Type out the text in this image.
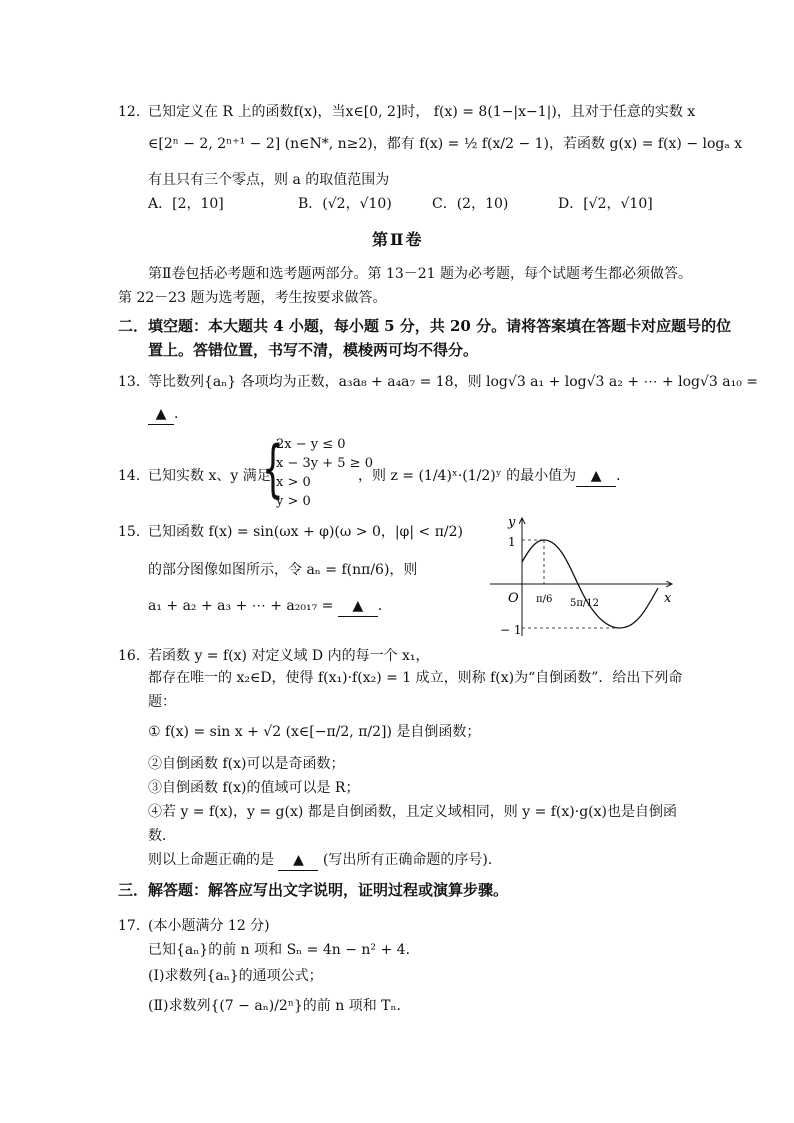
12. 已知定义在 R 上的函数f(x)，当x∈[0, 2]时， f(x) = 8(1−|x−1|)，且对于任意的实数 x
∈[2ⁿ − 2, 2ⁿ⁺¹ − 2] (n∈N*, n≥2)，都有 f(x) = ½ f(x/2 − 1)，若函数 g(x) = f(x) − logₐ x
有且只有三个零点，则 a 的取值范围为
A．[2，10]	B．(√2，√10)	C．(2，10)	D．[√2，√10]
第Ⅱ卷
第Ⅱ卷包括必考题和选考题两部分。第 13－21 题为必考题，每个试题考生都必须做答。
第 22－23 题为选考题，考生按要求做答。
二． 填空题：本大题共 4 小题，每小题 5 分，共 20 分。请将答案填在答题卡对应题号的位
置上。答错位置，书写不清，模棱两可均不得分。
13. 等比数列{aₙ} 各项均为正数，a₃a₈ + a₄a₇ = 18，则 log√3 a₁ + log√3 a₂ + ⋯ + log√3 a₁₀ =
▲ ．
14. 已知实数 x、y 满足
{
2x − y ≤ 0
x − 3y + 5 ≥ 0
x > 0
y > 0
，则 z = (1/4)ˣ·(1/2)ʸ 的最小值为 ▲ ．
15. 已知函数 f(x) = sin(ωx + φ)(ω > 0，|φ| < π/2)
的部分图像如图所示，令 aₙ = f(nπ/6)，则
a₁ + a₂ + a₃ + ⋯ + a₂₀₁₇ = ▲ ．
y
x
O
1
− 1
π/6 5π/12
16. 若函数 y = f(x) 对定义域 D 内的每一个 x₁，
都存在唯一的 x₂∈D，使得 f(x₁)·f(x₂) = 1 成立，则称 f(x)为“自倒函数”．给出下列命
题：
① f(x) = sin x + √2 (x∈[−π/2, π/2]) 是自倒函数；
②自倒函数 f(x)可以是奇函数；
③自倒函数 f(x)的值域可以是 R；
④若 y = f(x)，y = g(x) 都是自倒函数，且定义域相同，则 y = f(x)·g(x)也是自倒函
数．
则以上命题正确的是 ▲ (写出所有正确命题的序号)．
三． 解答题：解答应写出文字说明，证明过程或演算步骤。
17. (本小题满分 12 分)
已知{aₙ}的前 n 项和 Sₙ = 4n − n² + 4．
(Ⅰ)求数列{aₙ}的通项公式；
(Ⅱ)求数列{(7 − aₙ)/2ⁿ}的前 n 项和 Tₙ．
